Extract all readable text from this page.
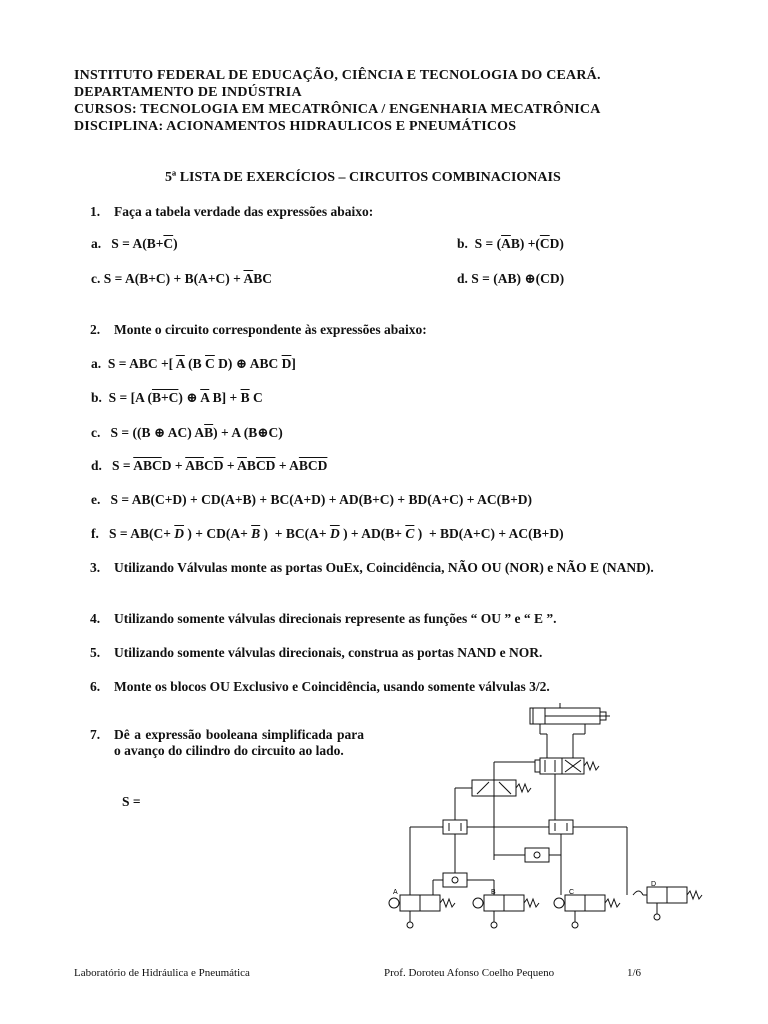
INSTITUTO FEDERAL DE EDUCAÇÃO, CIÊNCIA E TECNOLOGIA DO CEARÁ.
DEPARTAMENTO DE INDÚSTRIA
CURSOS: TECNOLOGIA EM MECATRÔNICA / ENGENHARIA MECATRÔNICA
DISCIPLINA: ACIONAMENTOS HIDRAULICOS E PNEUMÁTICOS
5ª LISTA DE EXERCÍCIOS – CIRCUITOS COMBINACIONAIS
1. Faça a tabela verdade das expressões abaixo:
a.   $S = A(B+\overline{C})$	b.  $S = (\overline{A}B) +(\overline{C}D)$
c. $S = A(B+C) + B(A+C) + \overline{A}BC$	d. S = (AB) ⊕(CD)
2. Monte o circuito correspondente às expressões abaixo:
a.  S = ABC +[ $\overline{A}$ (B $\overline{C}$ D) ⊕ ABC $\overline{D}$]
b.  S = [A (B+C) ⊕ $\overline{A}$ $B] + \overline{B}$ C
c.   S = ((B ⊕ AC) $A\overline{B}) + A$ (B⊕C)
d.   $S = \overline{ABC}D + \overline{AB}C\overline{D} + \overline{A}B\overline{CD} + A\overline{BCD}$
e. S = AB(C+D) + CD(A+B) + BC(A+D) + AD(B+C) + BD(A+C) + AC(B+D)
f.   $S = AB(C+ \overline{D}$ ) + $CD(A+ \overline{B}$ )  + $BC(A+ \overline{D}$ ) + $AD(B+ \overline{C}$ )  + BD(A+C) + AC(B+D)
3. Utilizando Válvulas monte as portas OuEx, Coincidência, NÃO OU (NOR) e NÃO E (NAND).
4. Utilizando somente válvulas direcionais represente as funções “ OU ” e “ E ”.
5. Utilizando somente válvulas direcionais, construa as portas NAND e NOR.
6. Monte os blocos OU Exclusivo e Coincidência, usando somente válvulas 3/2.
7. Dê a expressão booleana simplificada para o avanço do cilindro do circuito ao lado.
S =
A	B	C
D
Laboratório de Hidráulica e Pneumática	Prof. Doroteu Afonso Coelho Pequeno	1/6
